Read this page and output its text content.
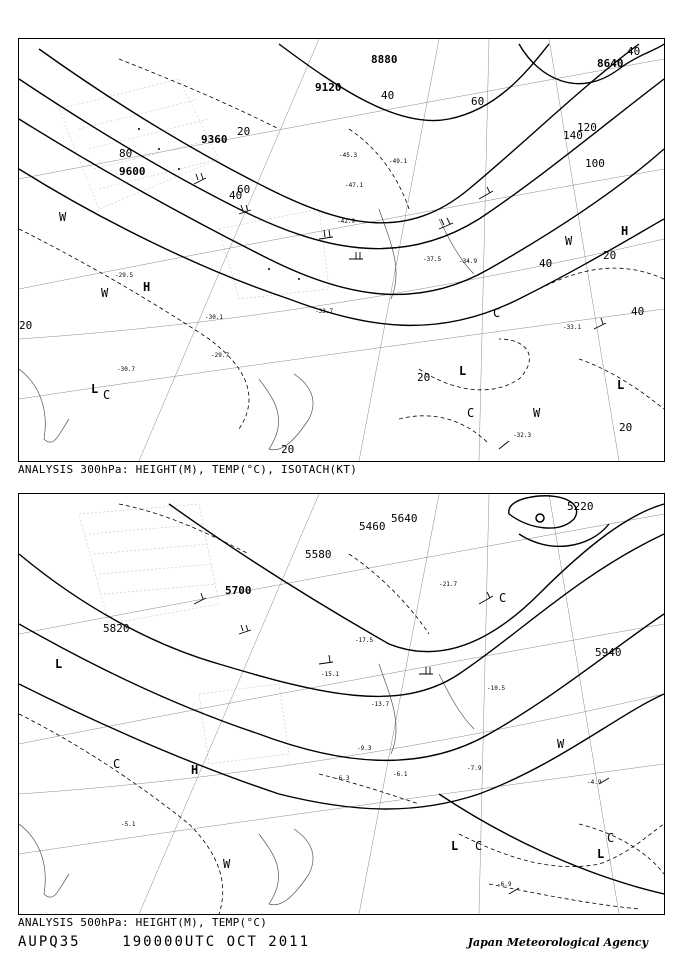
8880	8640
9120
9360
9600
40	60
80
20
100
120
140
40
60
20
20
20
40
40
40
20
20
H
H
L
L
L
W
W
W
W
C
C
C
-45.3
-47.1
-49.1
-42.9
-34.9
-37.5
-33.7
-30.1
-29.7
-32.3
-30.7
-33.1
-29.5
ANALYSIS 300hPa: HEIGHT(M), TEMP(°C), ISOTACH(KT)
5220
5460
5580
5700
5820
5940
5640
H
L
L
L
W
W
C
C
C
C
-21.7
-17.5
-13.7
-10.5
-7.9
-6.9
-4.9
-5.1
-15.1
-9.3
-6.1
-6.3
ANALYSIS 500hPa: HEIGHT(M), TEMP(°C)
AUPQ35	190000UTC OCT 2011	Japan Meteorological Agency
